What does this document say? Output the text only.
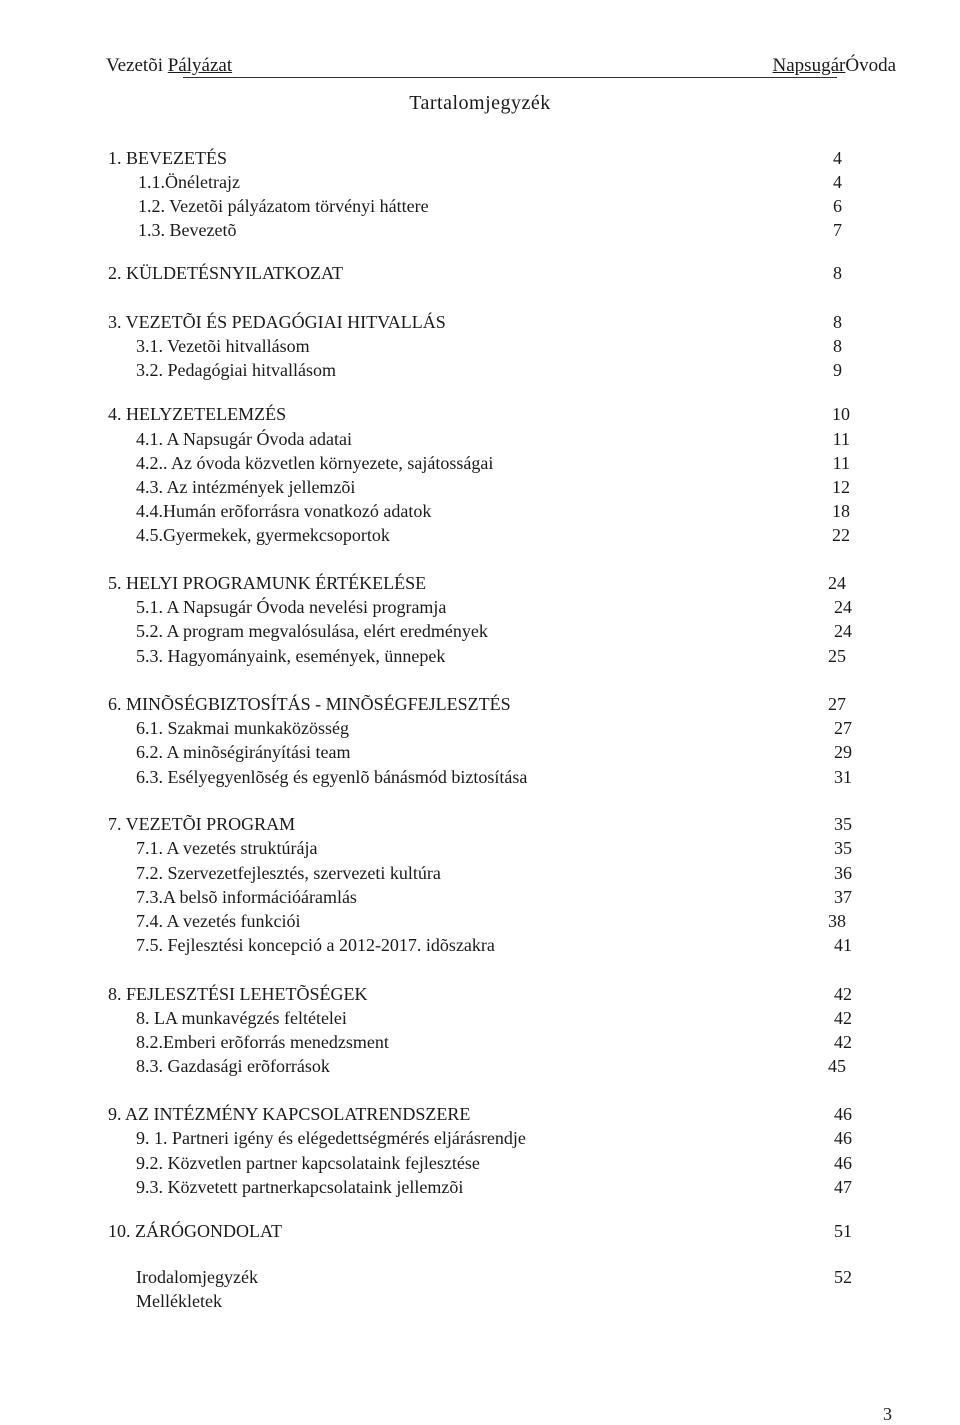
Vezetõi Pályázat	NapsugárÓvoda
Tartalomjegyzék
1. BEVEZETÉS	4
1.1.Önéletrajz	4
1.2. Vezetõi pályázatom törvényi háttere	6
1.3. Bevezetõ	7
2. KÜLDETÉSNYILATKOZAT	8
3. VEZETÕI ÉS PEDAGÓGIAI HITVALLÁS	8
3.1. Vezetõi hitvallásom	8
3.2. Pedagógiai hitvallásom	9
4. HELYZETELEMZÉS	10
4.1. A Napsugár Óvoda adatai	11
4.2.. Az óvoda közvetlen környezete, sajátosságai	11
4.3. Az intézmények jellemzõi	12
4.4.Humán erõforrásra vonatkozó adatok	18
4.5.Gyermekek, gyermekcsoportok	22
5. HELYI PROGRAMUNK ÉRTÉKELÉSE	24
5.1. A Napsugár Óvoda nevelési programja	24
5.2. A program megvalósulása, elért eredmények	24
5.3. Hagyományaink, események, ünnepek	25
6. MINÕSÉGBIZTOSÍTÁS - MINÕSÉGFEJLESZTÉS	27
6.1. Szakmai munkaközösség	27
6.2. A minõségirányítási team	29
6.3. Esélyegyenlõség és egyenlõ bánásmód biztosítása	31
7. VEZETÕI PROGRAM	35
7.1. A vezetés struktúrája	35
7.2. Szervezetfejlesztés, szervezeti kultúra	36
7.3.A belsõ információáramlás	37
7.4. A vezetés funkciói	38
7.5. Fejlesztési koncepció a 2012-2017. idõszakra	41
8. FEJLESZTÉSI LEHETÕSÉGEK	42
8. LA munkavégzés feltételei	42
8.2.Emberi erõforrás menedzsment	42
8.3. Gazdasági erõforrások	45
9. AZ INTÉZMÉNY KAPCSOLATRENDSZERE	46
9. 1. Partneri igény és elégedettségmérés eljárásrendje	46
9.2. Közvetlen partner kapcsolataink fejlesztése	46
9.3. Közvetett partnerkapcsolataink jellemzõi	47
10. ZÁRÓGONDOLAT	51
Irodalomjegyzék	52
Mellékletek
3
